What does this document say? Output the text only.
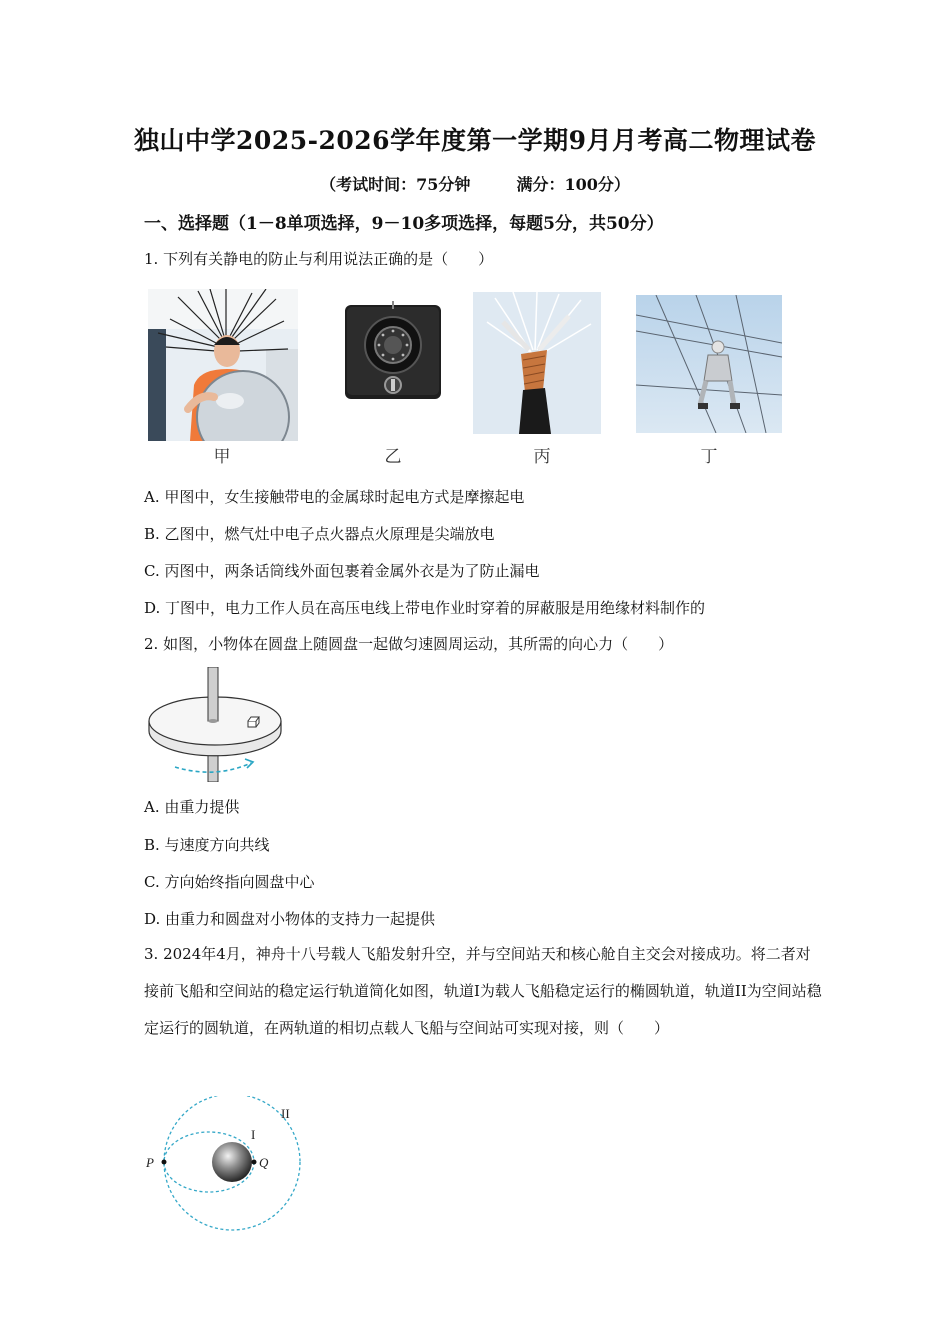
独山中学2025-2026学年度第一学期9月月考高二物理试卷
（考试时间：75分钟	满分：100分）
一、选择题（1－8单项选择，9－10多项选择，每题5分，共50分）
1. 下列有关静电的防止与利用说法正确的是（　　）
甲	乙	丙	丁
A. 甲图中，女生接触带电的金属球时起电方式是摩擦起电
B. 乙图中，燃气灶中电子点火器点火原理是尖端放电
C. 丙图中，两条话筒线外面包裹着金属外衣是为了防止漏电
D. 丁图中，电力工作人员在高压电线上带电作业时穿着的屏蔽服是用绝缘材料制作的
2. 如图，小物体在圆盘上随圆盘一起做匀速圆周运动，其所需的向心力（　　）
A. 由重力提供
B. 与速度方向共线
C. 方向始终指向圆盘中心
D. 由重力和圆盘对小物体的支持力一起提供
3. 2024年4月，神舟十八号载人飞船发射升空，并与空间站天和核心舱自主交会对接成功。将二者对接前飞船和空间站的稳定运行轨道简化如图，轨道I为载人飞船稳定运行的椭圆轨道，轨道II为空间站稳定运行的圆轨道，在两轨道的相切点载人飞船与空间站可实现对接，则（　　）
II
I
P	Q
